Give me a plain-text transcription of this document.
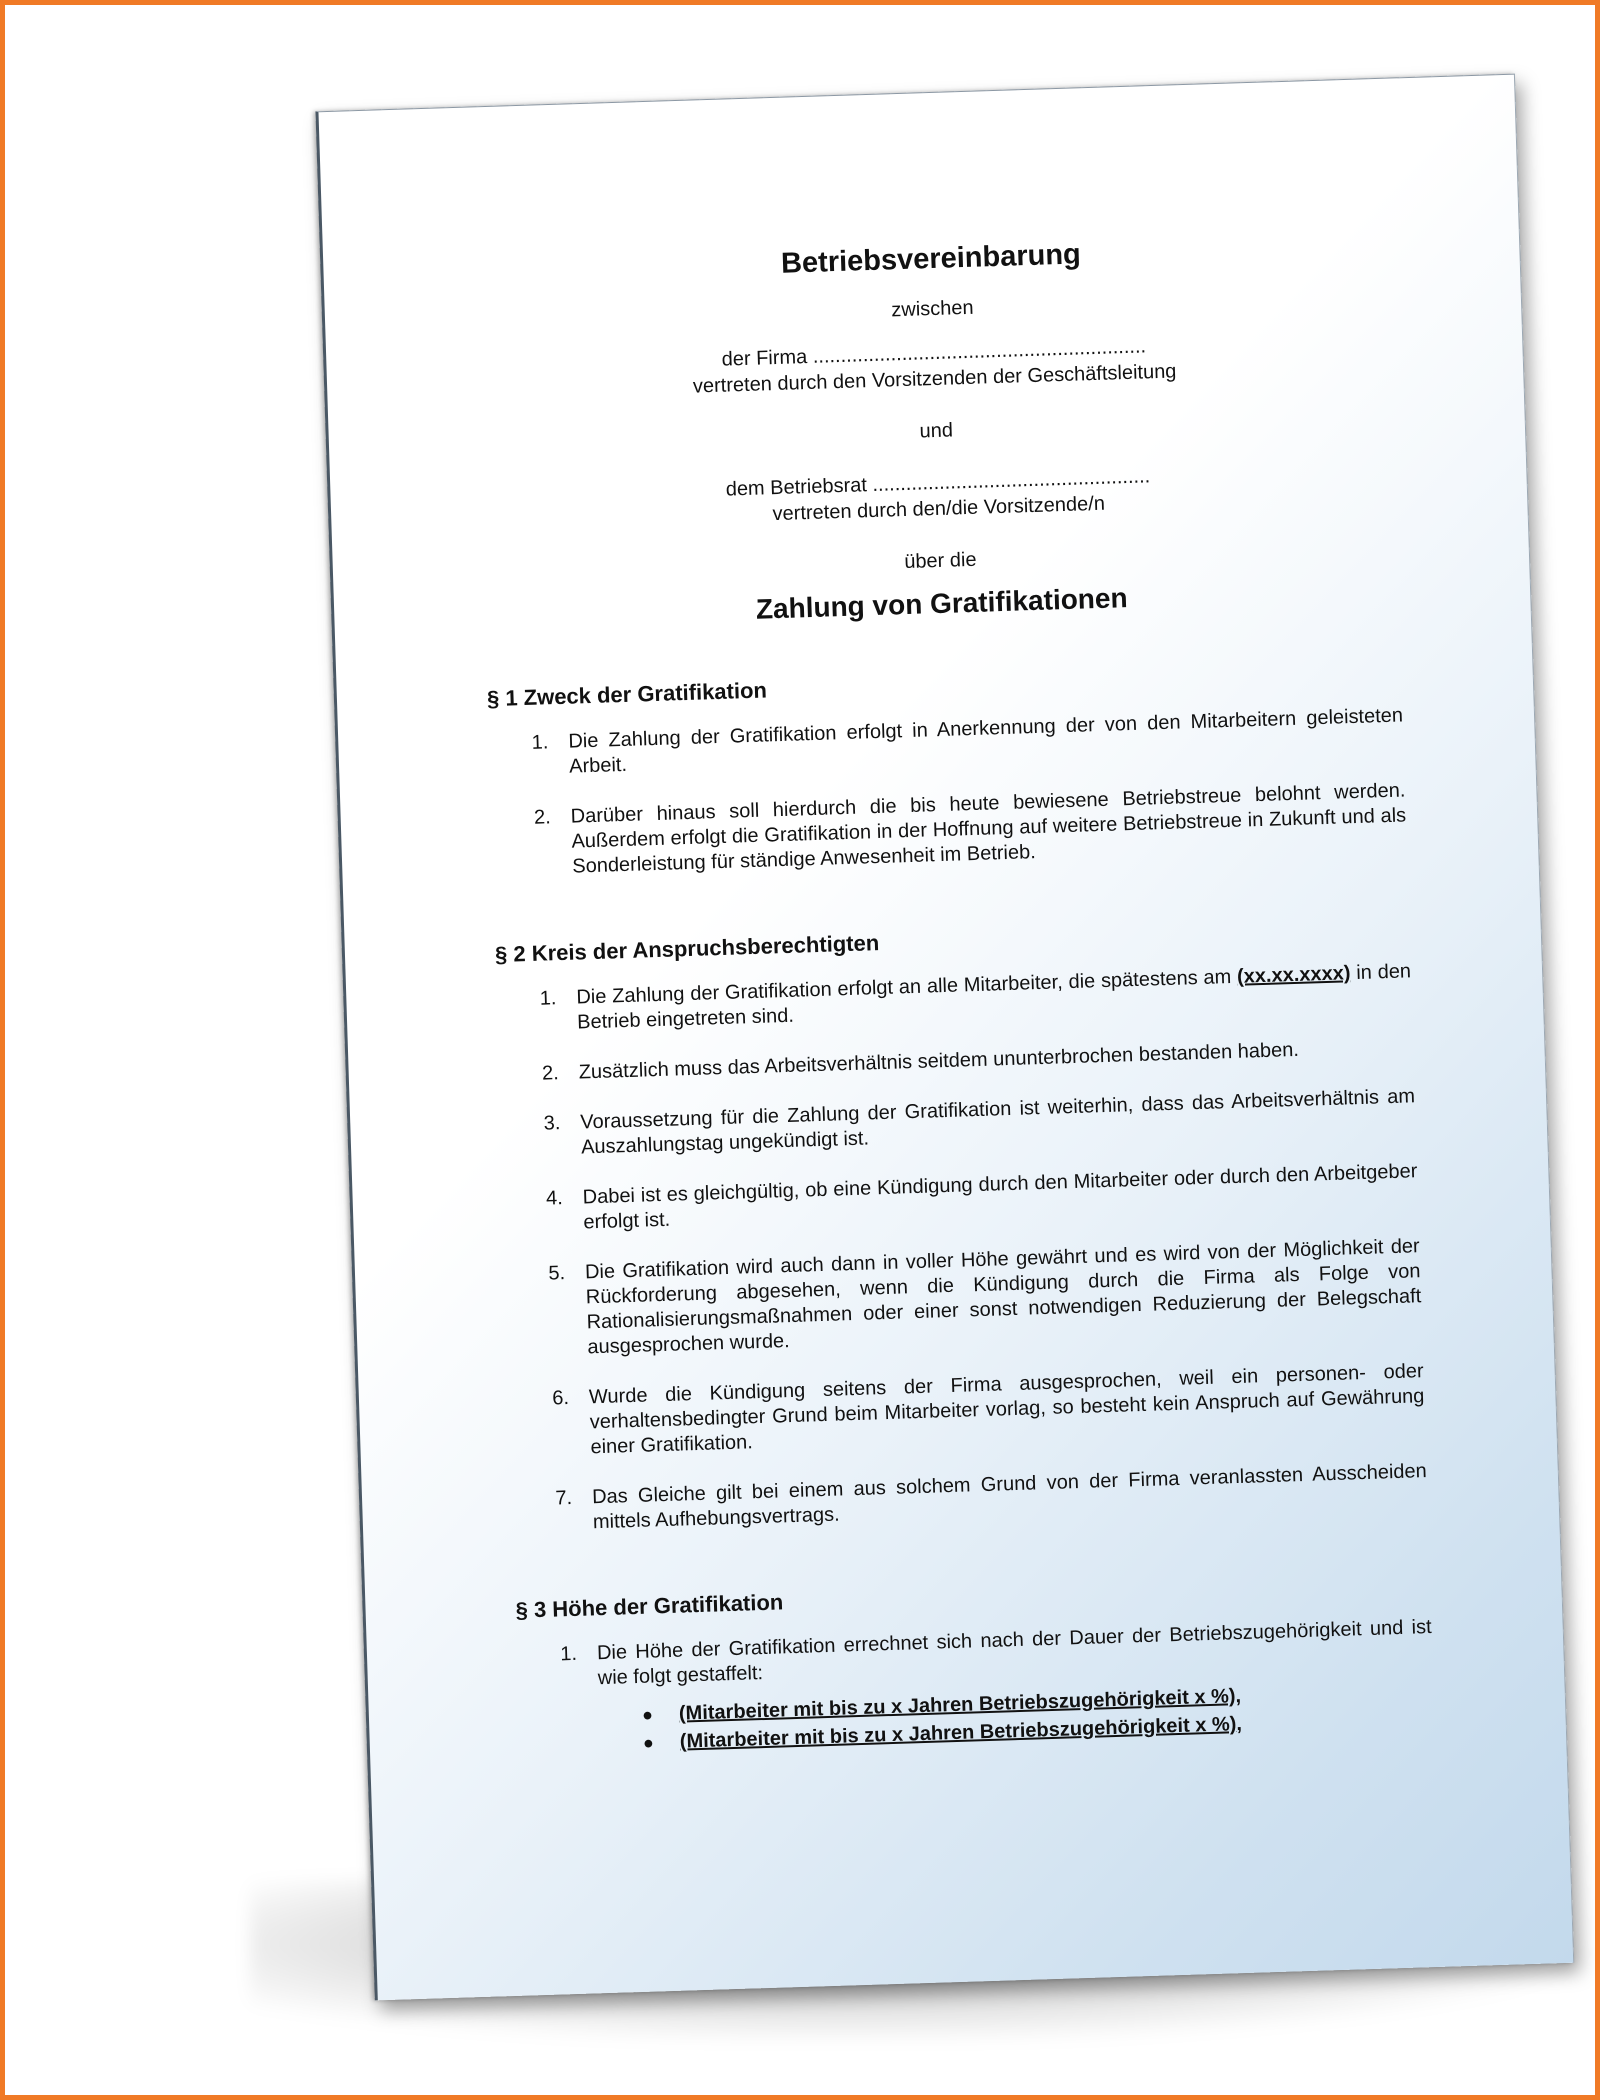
Betriebsvereinbarung

zwischen

der Firma ............................................................

vertreten durch den Vorsitzenden der Geschäftsleitung

und

dem Betriebsrat ..................................................

vertreten durch den/die Vorsitzende/n

über die

Zahlung von Gratifikationen
§ 1 Zweck der Gratifikation
1. Die Zahlung der Gratifikation erfolgt in Anerkennung der von den Mitarbeitern geleisteten Arbeit.
2. Darüber hinaus soll hierdurch die bis heute bewiesene Betriebstreue belohnt werden. Außerdem erfolgt die Gratifikation in der Hoffnung auf weitere Betriebstreue in Zukunft und als Sonderleistung für ständige Anwesenheit im Betrieb.
§ 2 Kreis der Anspruchsberechtigten
1. Die Zahlung der Gratifikation erfolgt an alle Mitarbeiter, die spätestens am (xx.xx.xxxx) in den Betrieb eingetreten sind.
2. Zusätzlich muss das Arbeitsverhältnis seitdem ununterbrochen bestanden haben.
3. Voraussetzung für die Zahlung der Gratifikation ist weiterhin, dass das Arbeitsverhältnis am Auszahlungstag ungekündigt ist.
4. Dabei ist es gleichgültig, ob eine Kündigung durch den Mitarbeiter oder durch den Arbeitgeber erfolgt ist.
5. Die Gratifikation wird auch dann in voller Höhe gewährt und es wird von der Möglichkeit der Rückforderung abgesehen, wenn die Kündigung durch die Firma als Folge von Rationalisierungsmaßnahmen oder einer sonst notwendigen Reduzierung der Belegschaft ausgesprochen wurde.
6. Wurde die Kündigung seitens der Firma ausgesprochen, weil ein personen- oder verhaltensbedingter Grund beim Mitarbeiter vorlag, so besteht kein Anspruch auf Gewährung einer Gratifikation.
7. Das Gleiche gilt bei einem aus solchem Grund von der Firma veranlassten Ausscheiden mittels Aufhebungsvertrags.
§ 3 Höhe der Gratifikation
1. Die Höhe der Gratifikation errechnet sich nach der Dauer der Betriebszugehörigkeit und ist wie folgt gestaffelt:
●	(Mitarbeiter mit bis zu x Jahren Betriebszugehörigkeit x %),
●	(Mitarbeiter mit bis zu x Jahren Betriebszugehörigkeit x %),
